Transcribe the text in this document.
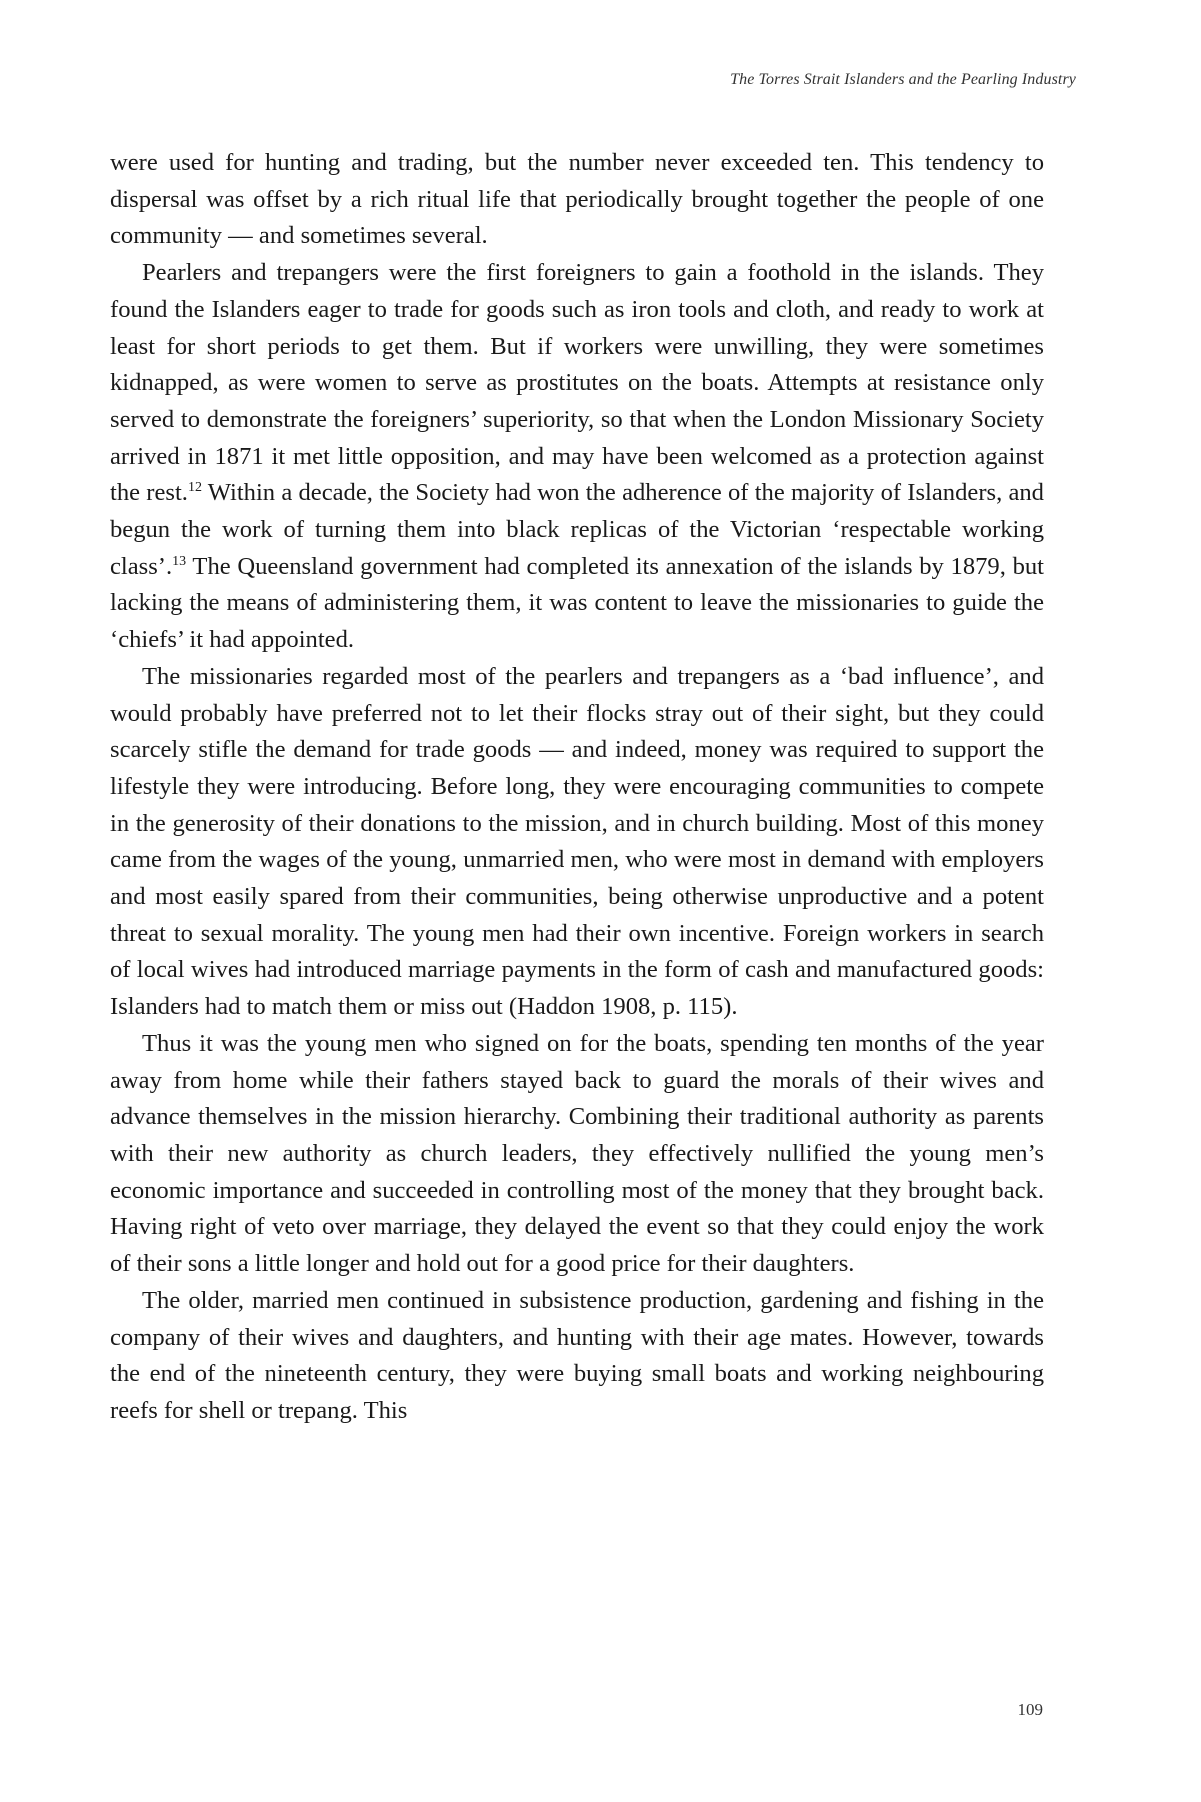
The Torres Strait Islanders and the Pearling Industry

were used for hunting and trading, but the number never exceeded ten. This tendency to dispersal was offset by a rich ritual life that periodically brought together the people of one community — and sometimes several.

Pearlers and trepangers were the first foreigners to gain a foothold in the islands. They found the Islanders eager to trade for goods such as iron tools and cloth, and ready to work at least for short periods to get them. But if workers were unwilling, they were sometimes kidnapped, as were women to serve as prostitutes on the boats. Attempts at resistance only served to demonstrate the foreigners’ superiority, so that when the London Missionary Society arrived in 1871 it met little opposition, and may have been welcomed as a protection against the rest.$^{12}$ Within a decade, the Society had won the adherence of the majority of Islanders, and begun the work of turning them into black replicas of the Victorian ‘respectable working class’.$^{13}$ The Queensland government had completed its annexation of the islands by 1879, but lacking the means of administering them, it was content to leave the missionaries to guide the ‘chiefs’ it had appointed.

The missionaries regarded most of the pearlers and trepangers as a ‘bad influence’, and would probably have preferred not to let their flocks stray out of their sight, but they could scarcely stifle the demand for trade goods — and indeed, money was required to support the lifestyle they were introducing. Before long, they were encouraging communities to compete in the generosity of their donations to the mission, and in church building. Most of this money came from the wages of the young, unmarried men, who were most in demand with employers and most easily spared from their communities, being otherwise unproductive and a potent threat to sexual morality. The young men had their own incentive. Foreign workers in search of local wives had introduced marriage payments in the form of cash and manufactured goods: Islanders had to match them or miss out (Haddon 1908, p. 115).

Thus it was the young men who signed on for the boats, spending ten months of the year away from home while their fathers stayed back to guard the morals of their wives and advance themselves in the mission hierarchy. Combining their traditional authority as parents with their new authority as church leaders, they effectively nullified the young men’s economic importance and succeeded in controlling most of the money that they brought back. Having right of veto over marriage, they delayed the event so that they could enjoy the work of their sons a little longer and hold out for a good price for their daughters.

The older, married men continued in subsistence production, gardening and fishing in the company of their wives and daughters, and hunting with their age mates. However, towards the end of the nineteenth century, they were buying small boats and working neighbouring reefs for shell or trepang. This

109
